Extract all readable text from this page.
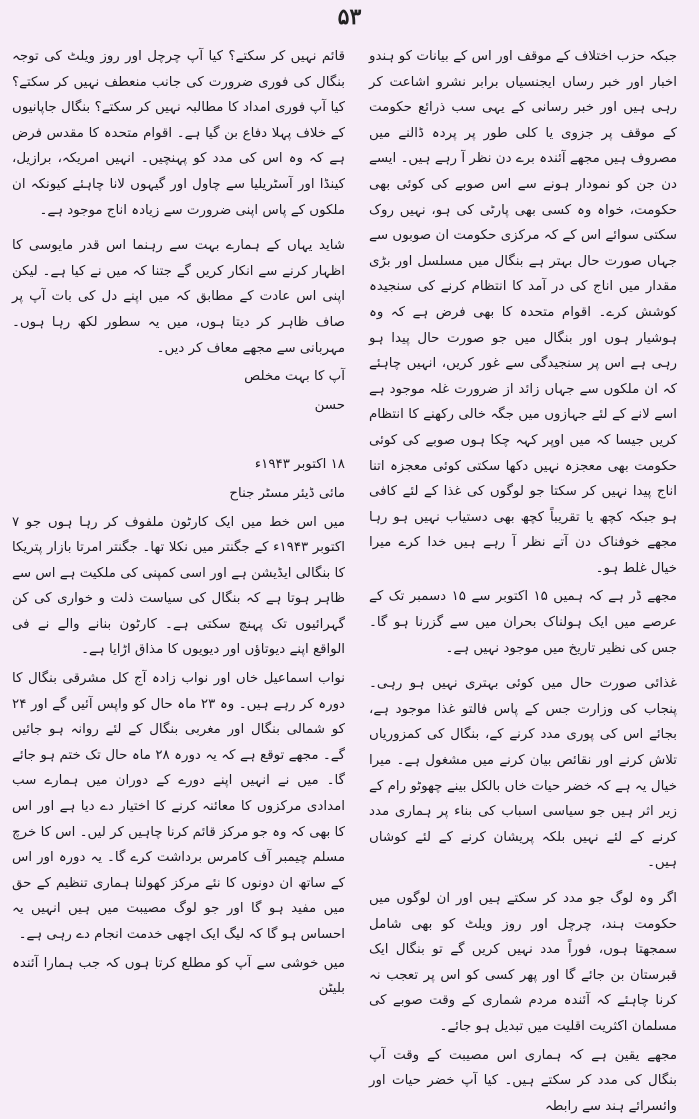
۵۳

جبکہ حزب اختلاف کے موقف اور اس کے بیانات کو ہندو اخبار اور خبر رساں ایجنسیاں برابر نشرو اشاعت کر رہی ہیں اور خبر رسانی کے یہی سب ذرائع حکومت کے موقف پر جزوی یا کلی طور پر پردہ ڈالنے میں مصروف ہیں مجھے آئندہ برے دن نظر آ رہے ہیں۔ ایسے دن جن کو نمودار ہونے سے اس صوبے کی کوئی بھی حکومت، خواہ وہ کسی بھی پارٹی کی ہو، نہیں روک سکتی سوائے اس کے کہ مرکزی حکومت ان صوبوں سے جہاں صورت حال بہتر ہے بنگال میں مسلسل اور بڑی مقدار میں اناج کی در آمد کا انتظام کرنے کی سنجیدہ کوشش کرے۔ اقوام متحدہ کا بھی فرض ہے کہ وہ ہوشیار ہوں اور بنگال میں جو صورت حال پیدا ہو رہی ہے اس پر سنجیدگی سے غور کریں، انہیں چاہئے کہ ان ملکوں سے جہاں زائد از ضرورت غلہ موجود ہے اسے لانے کے لئے جہازوں میں جگہ خالی رکھنے کا انتظام کریں جیسا کہ میں اوپر کہہ چکا ہوں صوبے کی کوئی حکومت بھی معجزہ نہیں دکھا سکتی کوئی معجزہ اتنا اناج پیدا نہیں کر سکتا جو لوگوں کی غذا کے لئے کافی ہو جبکہ کچھ یا تقریباً کچھ بھی دستیاب نہیں ہو رہا مجھے خوفناک دن آتے نظر آ رہے ہیں خدا کرے میرا خیال غلط ہو۔

مجھے ڈر ہے کہ ہمیں ۱۵ اکتوبر سے ۱۵ دسمبر تک کے عرصے میں ایک ہولناک بحران میں سے گزرنا ہو گا۔ جس کی نظیر تاریخ میں موجود نہیں ہے۔

غذائی صورت حال میں کوئی بہتری نہیں ہو رہی۔ پنجاب کی وزارت جس کے پاس فالتو غذا موجود ہے، بجائے اس کی پوری مدد کرنے کے، بنگال کی کمزوریاں تلاش کرنے اور نقائص بیان کرنے میں مشغول ہے۔ میرا خیال یہ ہے کہ خضر حیات خاں بالکل بینے چھوٹو رام کے زیر اثر ہیں جو سیاسی اسباب کی بناء پر ہماری مدد کرنے کے لئے نہیں بلکہ پریشان کرنے کے لئے کوشاں ہیں۔

اگر وہ لوگ جو مدد کر سکتے ہیں اور ان لوگوں میں حکومت ہند، چرچل اور روز ویلٹ کو بھی شامل سمجھتا ہوں، فوراً مدد نہیں کریں گے تو بنگال ایک قبرستان بن جائے گا اور پھر کسی کو اس پر تعجب نہ کرنا چاہئے کہ آئندہ مردم شماری کے وقت صوبے کی مسلمان اکثریت اقلیت میں تبدیل ہو جائے۔

مجھے یقین ہے کہ ہماری اس مصیبت کے وقت آپ بنگال کی مدد کر سکتے ہیں۔ کیا آپ خضر حیات اور وائسرائے ہند سے رابطہ

قائم نہیں کر سکتے؟ کیا آپ چرچل اور روز ویلٹ کی توجہ بنگال کی فوری ضرورت کی جانب منعطف نہیں کر سکتے؟ کیا آپ فوری امداد کا مطالبہ نہیں کر سکتے؟ بنگال جاپانیوں کے خلاف پہلا دفاع بن گیا ہے۔ اقوام متحدہ کا مقدس فرض ہے کہ وہ اس کی مدد کو پہنچیں۔ انہیں امریکہ، برازیل، کینڈا اور آسٹریلیا سے چاول اور گیہوں لانا چاہئے کیونکہ ان ملکوں کے پاس اپنی ضرورت سے زیادہ اناج موجود ہے۔

شاید یہاں کے ہمارے بہت سے رہنما اس قدر مایوسی کا اظہار کرنے سے انکار کریں گے جتنا کہ میں نے کیا ہے۔ لیکن اپنی اس عادت کے مطابق کہ میں اپنے دل کی بات آپ پر صاف ظاہر کر دیتا ہوں، میں یہ سطور لکھ رہا ہوں۔ مہربانی سے مجھے معاف کر دیں۔

آپ کا بہت مخلص

حسن

۱۸ اکتوبر ۱۹۴۳ء

مائی ڈیئر مسٹر جناح

میں اس خط میں ایک کارٹون ملفوف کر رہا ہوں جو ۷ اکتوبر ۱۹۴۳ء کے جگنتر میں نکلا تھا۔ جگنتر امرتا بازار پتریکا کا بنگالی ایڈیشن ہے اور اسی کمپنی کی ملکیت ہے اس سے ظاہر ہوتا ہے کہ بنگال کی سیاست ذلت و خواری کی کن گہرائیوں تک پہنچ سکتی ہے۔ کارٹون بنانے والے نے فی الواقع اپنے دیوتاؤں اور دیویوں کا مذاق اڑایا ہے۔

نواب اسماعیل خاں اور نواب زادہ آج کل مشرقی بنگال کا دورہ کر رہے ہیں۔ وہ ۲۳ ماہ حال کو واپس آئیں گے اور ۲۴ کو شمالی بنگال اور مغربی بنگال کے لئے روانہ ہو جائیں گے۔ مجھے توقع ہے کہ یہ دورہ ۲۸ ماہ حال تک ختم ہو جائے گا۔ میں نے انہیں اپنے دورے کے دوران میں ہمارے سب امدادی مرکزوں کا معائنہ کرنے کا اختیار دے دیا ہے اور اس کا بھی کہ وہ جو مرکز قائم کرنا چاہیں کر لیں۔ اس کا خرچ مسلم چیمبر آف کامرس برداشت کرے گا۔ یہ دورہ اور اس کے ساتھ ان دونوں کا نئے مرکز کھولنا ہماری تنظیم کے حق میں مفید ہو گا اور جو لوگ مصیبت میں ہیں انہیں یہ احساس ہو گا کہ لیگ ایک اچھی خدمت انجام دے رہی ہے۔

میں خوشی سے آپ کو مطلع کرتا ہوں کہ جب ہمارا آئندہ بلیٹن
